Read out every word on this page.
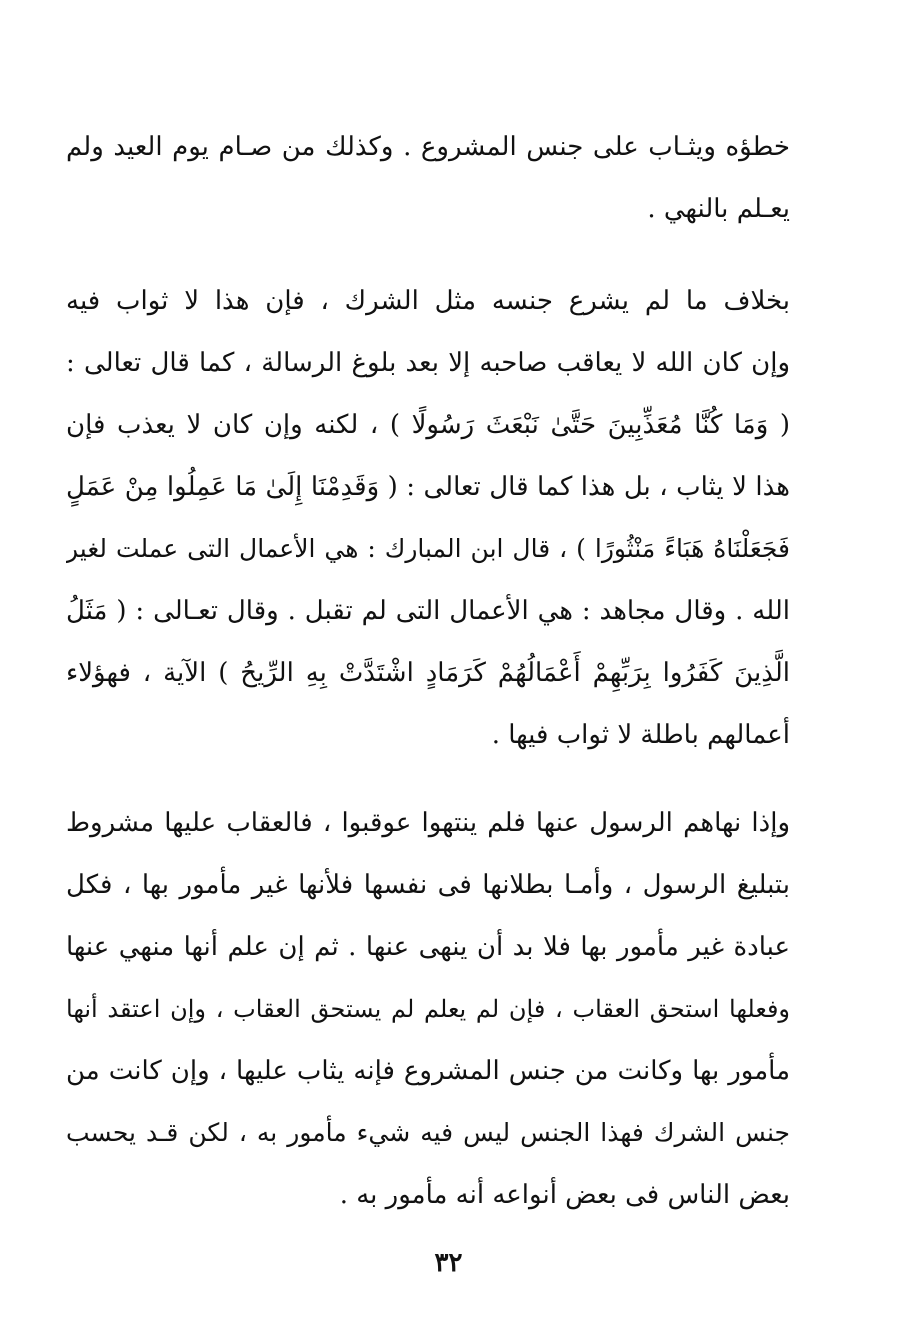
خطؤه ويثـاب على جنس المشروع . وكذلك من صـام يوم العيد ولم
يعـلم بالنهي .
بخلاف ما لم يشرع جنسه مثل الشرك ، فإن هذا لا ثواب فيه
وإن كان الله لا يعاقب صاحبه إلا بعد بلوغ الرسالة ، كما قال تعالى :
( وَمَا كُنَّا مُعَذِّبِينَ حَتَّىٰ نَبْعَثَ رَسُولًا ) ، لكنه وإن كان لا يعذب فإن
هذا لا يثاب ، بل هذا كما قال تعالى : ( وَقَدِمْنَا إِلَىٰ مَا عَمِلُوا مِنْ عَمَلٍ
فَجَعَلْنَاهُ هَبَاءً مَنْثُورًا ) ، قال ابن المبارك : هي الأعمال التى عملت لغير
الله . وقال مجاهد : هي الأعمال التى لم تقبل . وقال تعـالى : ( مَثَلُ
الَّذِينَ كَفَرُوا بِرَبِّهِمْ أَعْمَالُهُمْ كَرَمَادٍ اشْتَدَّتْ بِهِ الرِّيحُ ) الآية ، فهؤلاء
أعمالهم باطلة لا ثواب فيها .
وإذا نهاهم الرسول عنها فلم ينتهوا عوقبوا ، فالعقاب عليها مشروط
بتبليغ الرسول ، وأمـا بطلانها فى نفسها فلأنها غير مأمور بها ، فكل
عبادة غير مأمور بها فلا بد أن ينهى عنها . ثم إن علم أنها منهي عنها
وفعلها استحق العقاب ، فإن لم يعلم لم يستحق العقاب ، وإن اعتقد أنها
مأمور بها وكانت من جنس المشروع فإنه يثاب عليها ، وإن كانت من
جنس الشرك فهذا الجنس ليس فيه شيء مأمور به ، لكن قـد يحسب
بعض الناس فى بعض أنواعه أنه مأمور به .
٣٢
